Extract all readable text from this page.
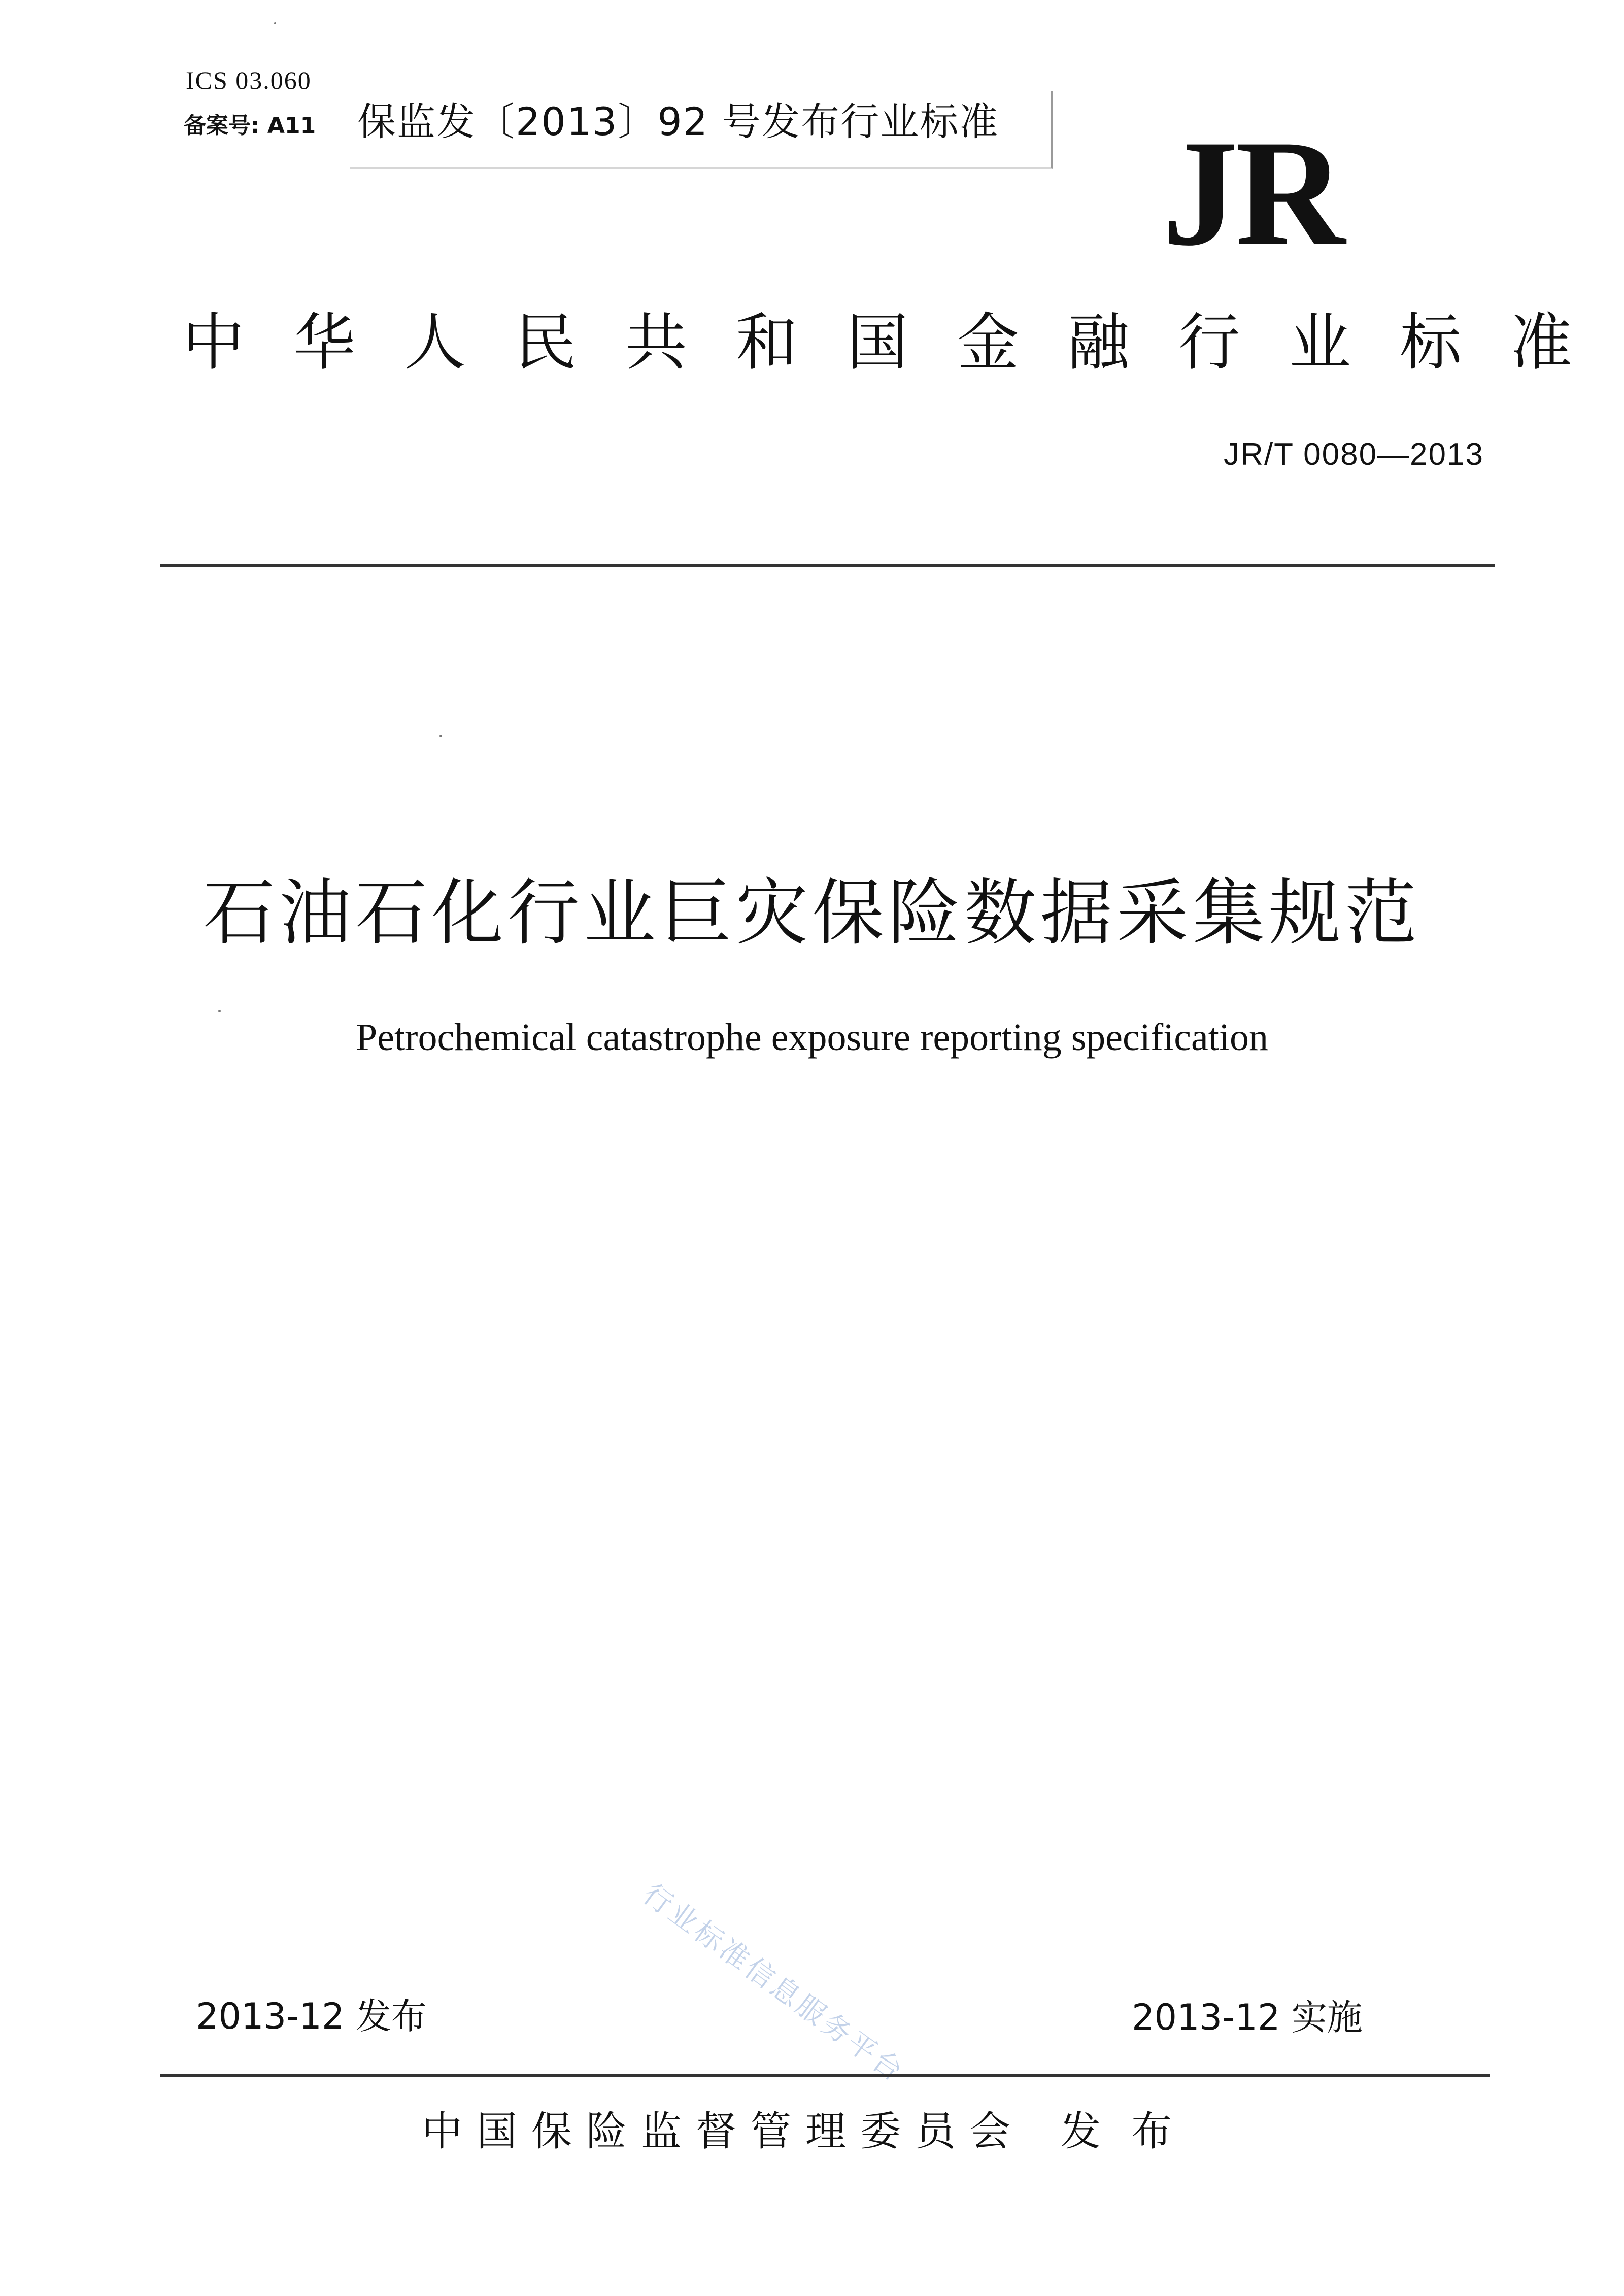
ICS 03.060
备案号: A11 保监发〔2013〕92 号发布行业标准 JR
中华人民共和国金融行业标准
JR/T 0080—2013
石油石化行业巨灾保险数据采集规范
Petrochemical catastrophe exposure reporting specification
行业标准信息服务平台
2013-12 发布	2013-12 实施
中国保险监督管理委员会 发布
